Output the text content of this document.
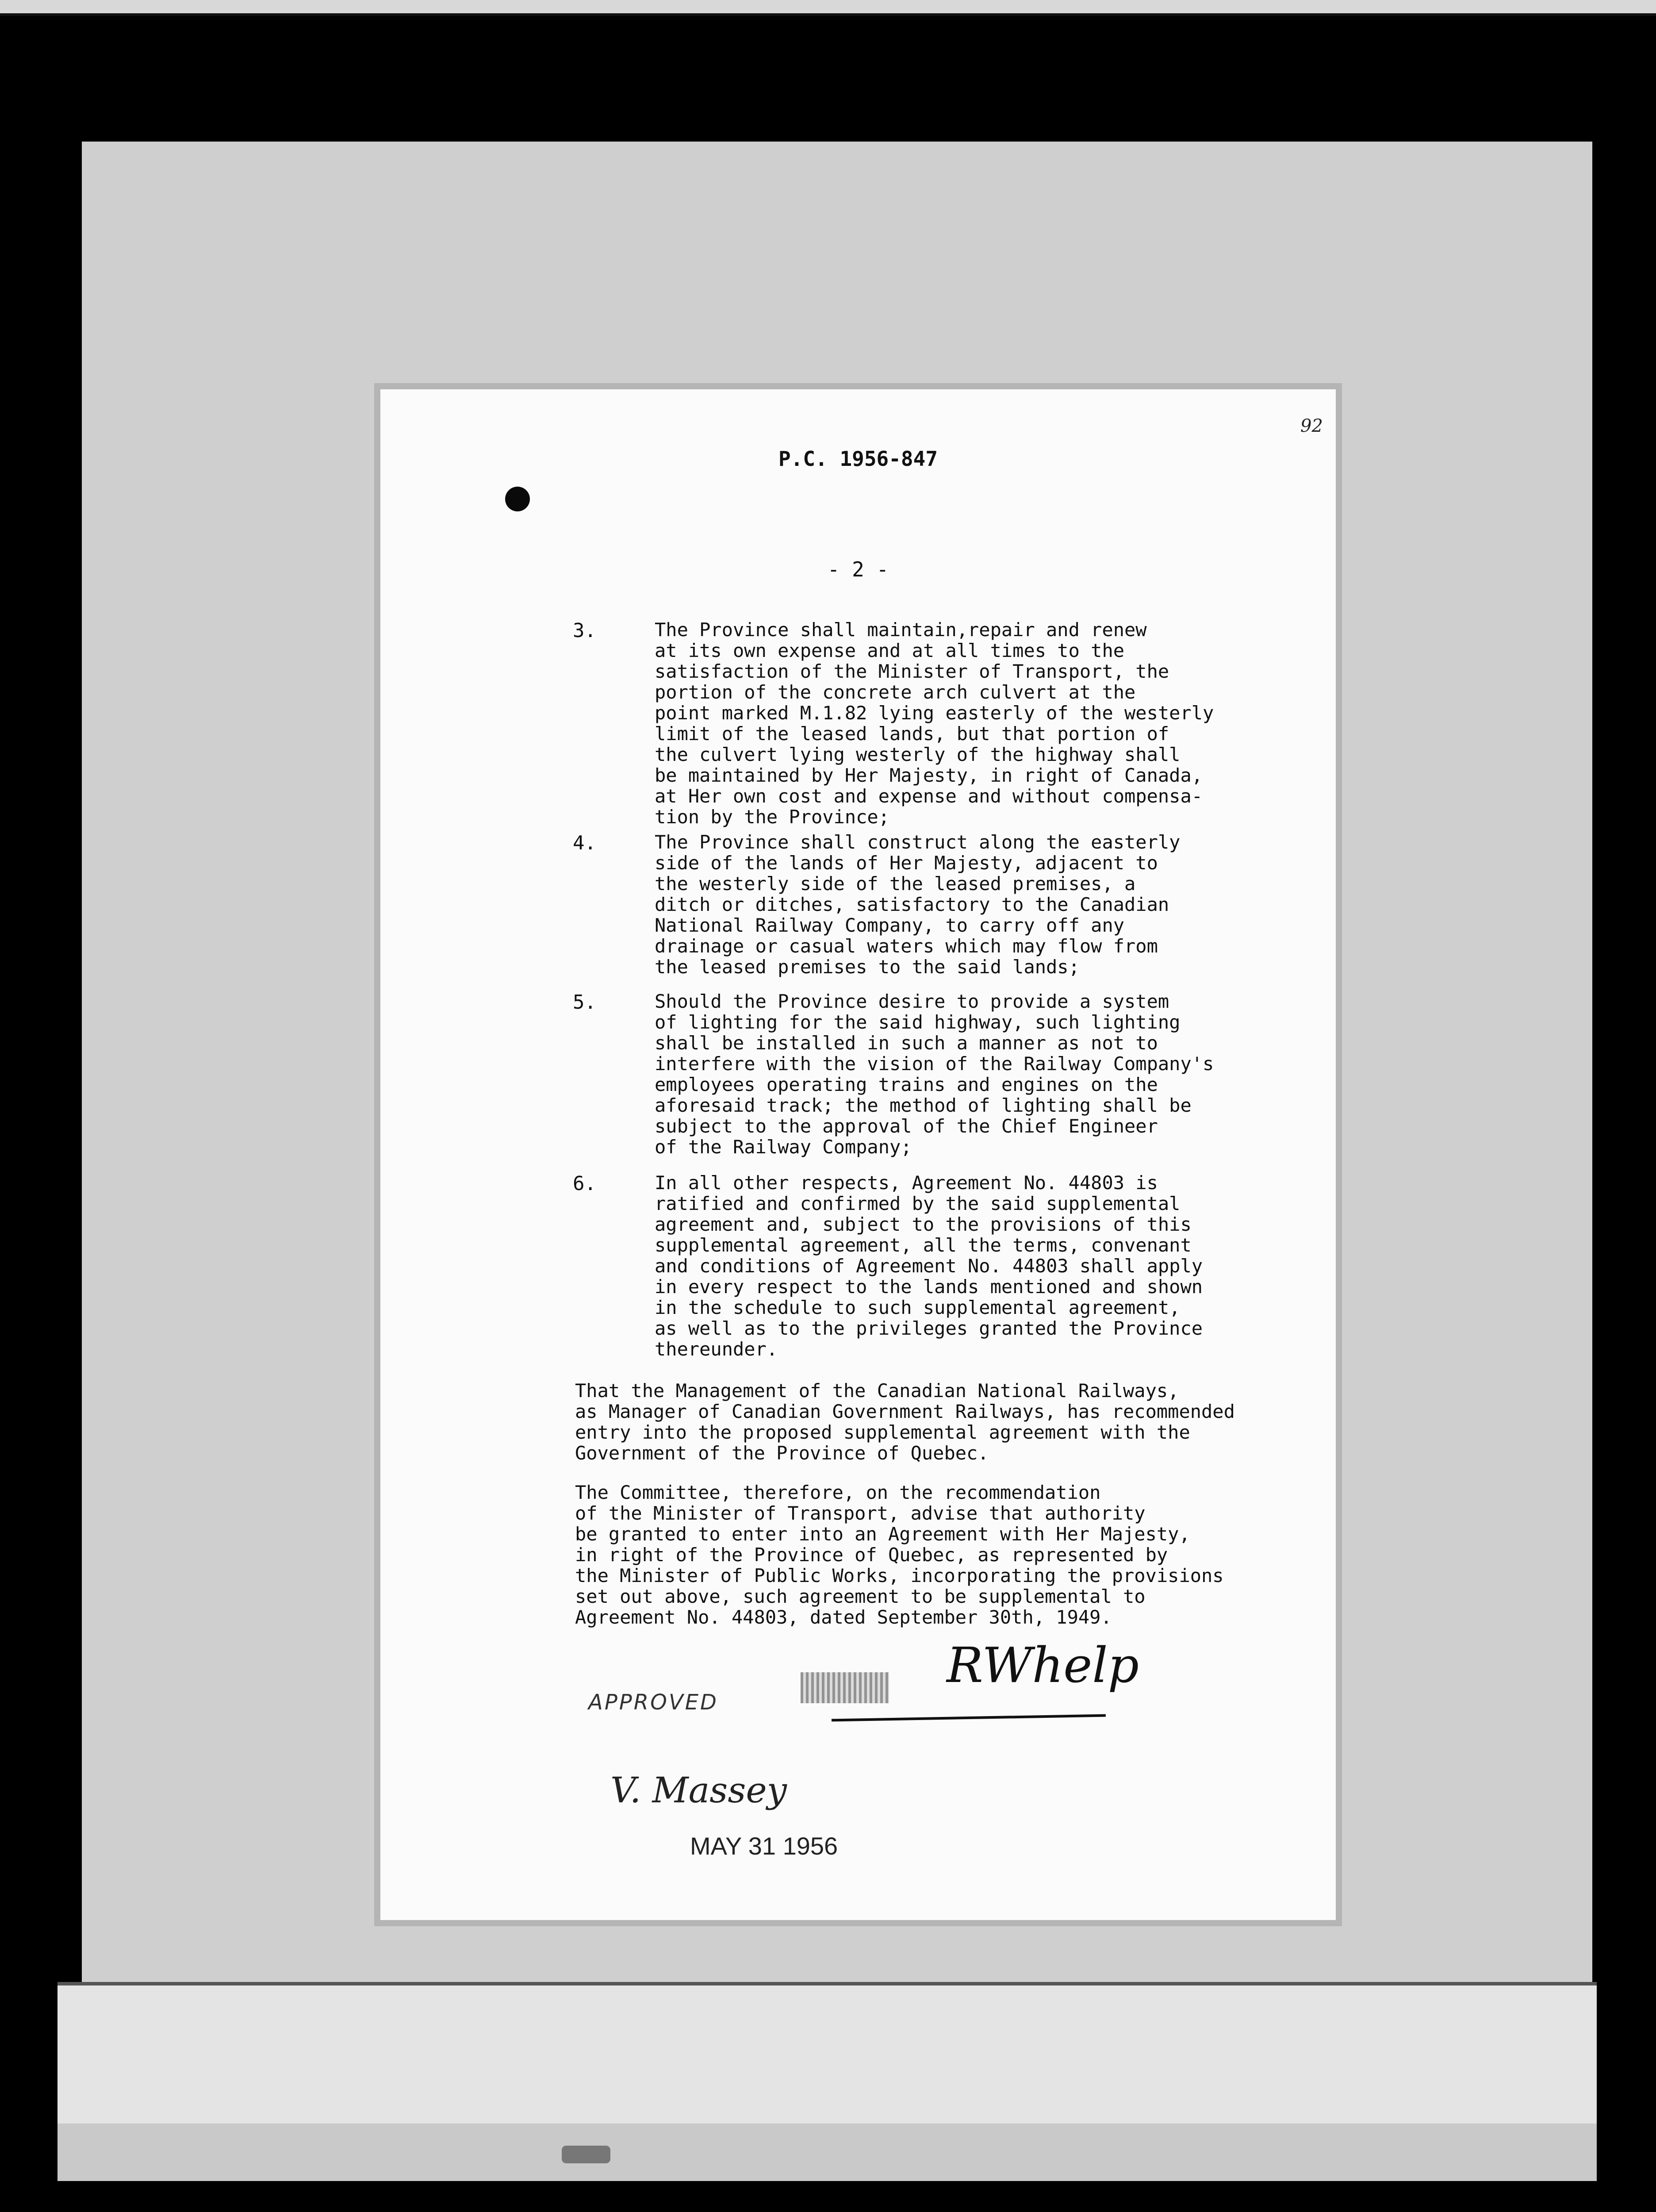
92
P.C. 1956-847
- 2 -
3.	The Province shall maintain,repair and renew
at its own expense and at all times to the
satisfaction of the Minister of Transport, the
portion of the concrete arch culvert at the
point marked M.1.82 lying easterly of the westerly
limit of the leased lands, but that portion of
the culvert lying westerly of the highway shall
be maintained by Her Majesty, in right of Canada,
at Her own cost and expense and without compensa-
tion by the Province;
4.	The Province shall construct along the easterly
side of the lands of Her Majesty, adjacent to
the westerly side of the leased premises, a
ditch or ditches, satisfactory to the Canadian
National Railway Company, to carry off any
drainage or casual waters which may flow from
the leased premises to the said lands;
5.	Should the Province desire to provide a system
of lighting for the said highway, such lighting
shall be installed in such a manner as not to
interfere with the vision of the Railway Company's
employees operating trains and engines on the
aforesaid track; the method of lighting shall be
subject to the approval of the Chief Engineer
of the Railway Company;
6.	In all other respects, Agreement No. 44803 is
ratified and confirmed by the said supplemental
agreement and, subject to the provisions of this
supplemental agreement, all the terms, convenant
and conditions of Agreement No. 44803 shall apply
in every respect to the lands mentioned and shown
in the schedule to such supplemental agreement,
as well as to the privileges granted the Province
thereunder.
That the Management of the Canadian National Railways,
as Manager of Canadian Government Railways, has recommended
entry into the proposed supplemental agreement with the
Government of the Province of Quebec.
The Committee, therefore, on the recommendation
of the Minister of Transport, advise that authority
be granted to enter into an Agreement with Her Majesty,
in right of the Province of Quebec, as represented by
the Minister of Public Works, incorporating the provisions
set out above, such agreement to be supplemental to
Agreement No. 44803, dated September 30th, 1949.
RWhelp
APPROVED
V. Massey
MAY 31 1956
